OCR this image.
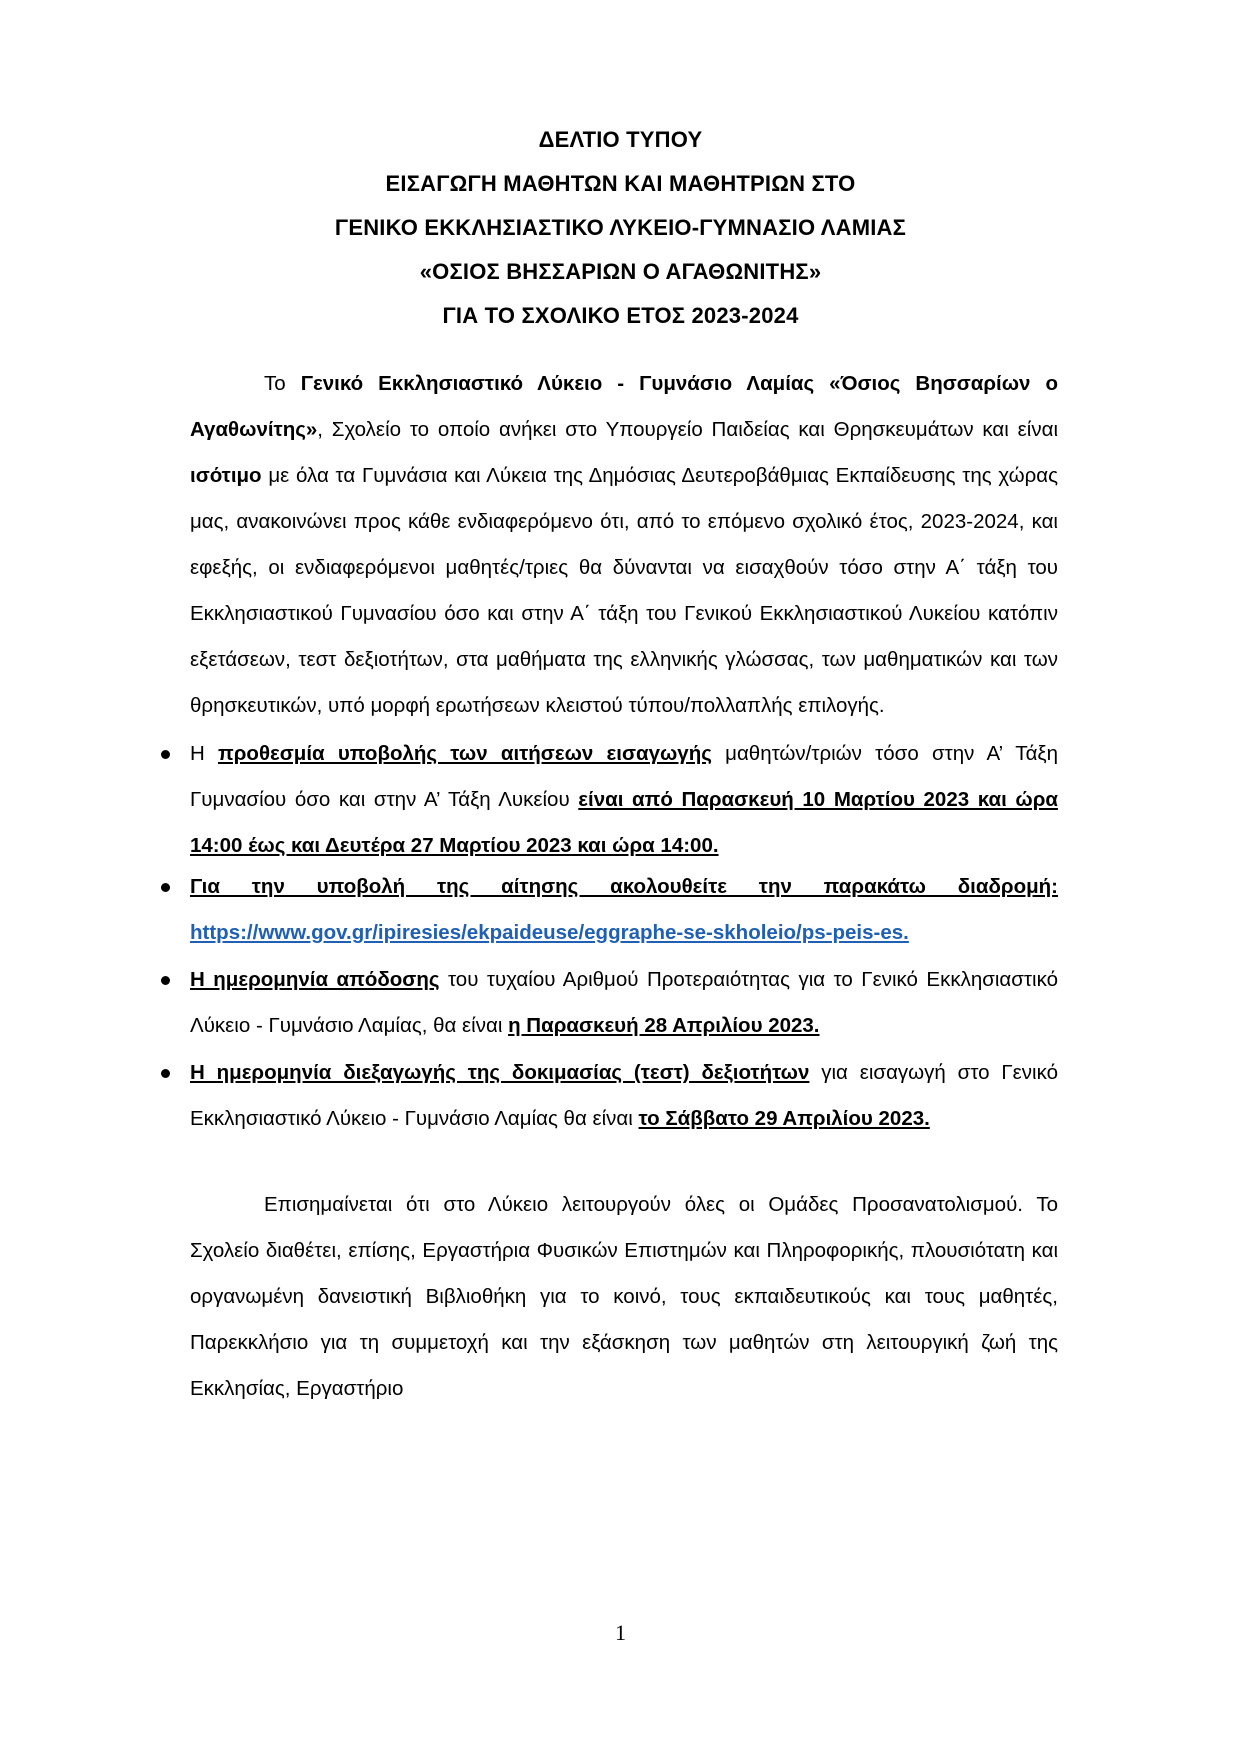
ΔΕΛΤΙΟ ΤΥΠΟΥ
ΕΙΣΑΓΩΓΗ ΜΑΘΗΤΩΝ ΚΑΙ ΜΑΘΗΤΡΙΩΝ ΣΤΟ
ΓΕΝΙΚΟ ΕΚΚΛΗΣΙΑΣΤΙΚΟ ΛΥΚΕΙΟ-ΓΥΜΝΑΣΙΟ ΛΑΜΙΑΣ
«ΟΣΙΟΣ ΒΗΣΣΑΡΙΩΝ Ο ΑΓΑΘΩΝΙΤΗΣ»
ΓΙΑ ΤΟ ΣΧΟΛΙΚΟ ΕΤΟΣ 2023-2024

Το Γενικό Εκκλησιαστικό Λύκειο - Γυμνάσιο Λαμίας «Όσιος Βησσαρίων ο Αγαθωνίτης», Σχολείο το οποίο ανήκει στο Υπουργείο Παιδείας και Θρησκευμάτων και είναι ισότιμο με όλα τα Γυμνάσια και Λύκεια της Δημόσιας Δευτεροβάθμιας Εκπαίδευσης της χώρας μας, ανακοινώνει προς κάθε ενδιαφερόμενο ότι, από το επόμενο σχολικό έτος, 2023-2024, και εφεξής, οι ενδιαφερόμενοι μαθητές/τριες θα δύνανται να εισαχθούν τόσο στην Α΄ τάξη του Εκκλησιαστικού Γυμνασίου όσο και στην Α΄ τάξη του Γενικού Εκκλησιαστικού Λυκείου κατόπιν εξετάσεων, τεστ δεξιοτήτων, στα μαθήματα της ελληνικής γλώσσας, των μαθηματικών και των θρησκευτικών, υπό μορφή ερωτήσεων κλειστού τύπου/πολλαπλής επιλογής.

Η προθεσμία υποβολής των αιτήσεων εισαγωγής μαθητών/τριών τόσο στην Α’ Τάξη Γυμνασίου όσο και στην Α’ Τάξη Λυκείου είναι από Παρασκευή 10 Μαρτίου 2023 και ώρα 14:00 έως και Δευτέρα 27 Μαρτίου 2023 και ώρα 14:00.

Για την υποβολή της αίτησης ακολουθείτε την παρακάτω διαδρομή: https://www.gov.gr/ipiresies/ekpaideuse/eggraphe-se-skholeio/ps-peis-es.

Η ημερομηνία απόδοσης του τυχαίου Αριθμού Προτεραιότητας για το Γενικό Εκκλησιαστικό Λύκειο - Γυμνάσιο Λαμίας, θα είναι η Παρασκευή 28 Απριλίου 2023.

Η ημερομηνία διεξαγωγής της δοκιμασίας (τεστ) δεξιοτήτων για εισαγωγή στο Γενικό Εκκλησιαστικό Λύκειο - Γυμνάσιο Λαμίας θα είναι το Σάββατο 29 Απριλίου 2023.

Επισημαίνεται ότι στο Λύκειο λειτουργούν όλες οι Ομάδες Προσανατολισμού. Το Σχολείο διαθέτει, επίσης, Εργαστήρια Φυσικών Επιστημών και Πληροφορικής, πλουσιότατη και οργανωμένη δανειστική Βιβλιοθήκη για το κοινό, τους εκπαιδευτικούς και τους μαθητές, Παρεκκλήσιο για τη συμμετοχή και την εξάσκηση των μαθητών στη λειτουργική ζωή της Εκκλησίας, Εργαστήριο

1
